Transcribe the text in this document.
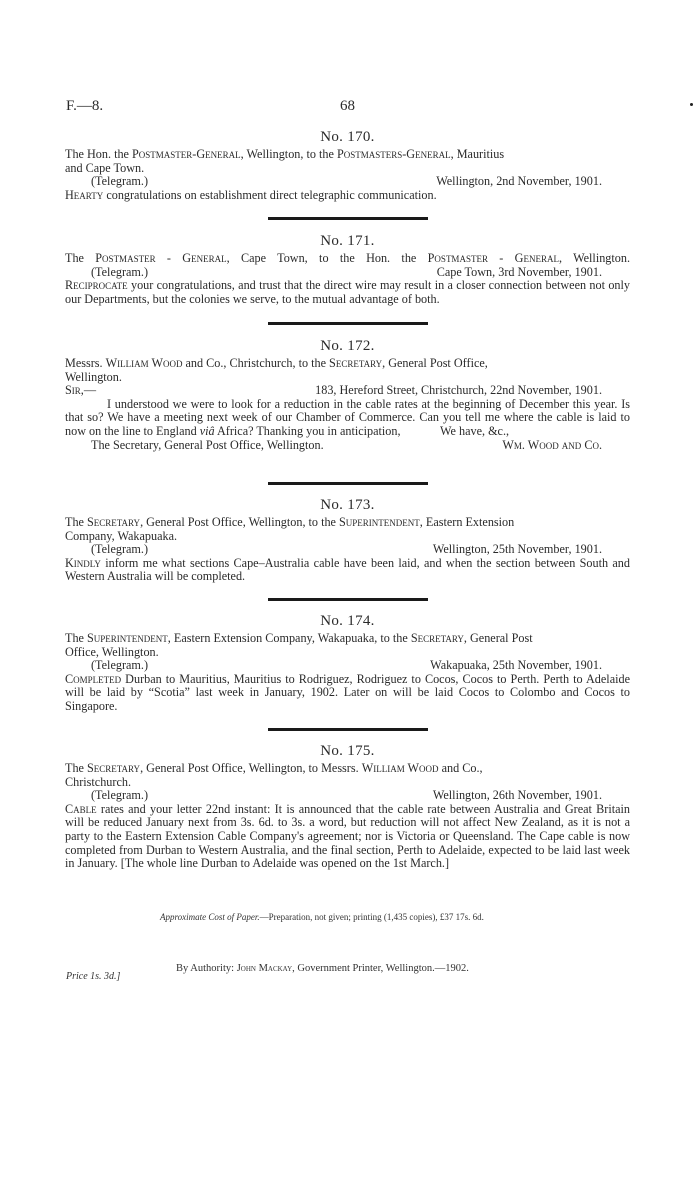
F.—8.	68
No. 170.
The Hon. the Postmaster-General, Wellington, to the Postmasters-General, Mauritius
and Cape Town.
(Telegram.)	Wellington, 2nd November, 1901.
Hearty congratulations on establishment direct telegraphic communication.
No. 171.
The Postmaster - General, Cape Town, to the Hon. the Postmaster - General, Wellington.
(Telegram.)	Cape Town, 3rd November, 1901.
Reciprocate your congratulations, and trust that the direct wire may result in a closer connection between not only our Departments, but the colonies we serve, to the mutual advantage of both.
No. 172.
Messrs. William Wood and Co., Christchurch, to the Secretary, General Post Office,
Wellington.
Sir,—	183, Hereford Street, Christchurch, 22nd November, 1901.
I understood we were to look for a reduction in the cable rates at the beginning of December this year. Is that so? We have a meeting next week of our Chamber of Commerce. Can you tell me where the cable is laid to now on the line to England viâ Africa? Thanking you in anticipation,	We have, &c.,
The Secretary, General Post Office, Wellington.	Wm. Wood and Co.
No. 173.
The Secretary, General Post Office, Wellington, to the Superintendent, Eastern Extension
Company, Wakapuaka.
(Telegram.)	Wellington, 25th November, 1901.
Kindly inform me what sections Cape–Australia cable have been laid, and when the section between South and Western Australia will be completed.
No. 174.
The Superintendent, Eastern Extension Company, Wakapuaka, to the Secretary, General Post
Office, Wellington.
(Telegram.)	Wakapuaka, 25th November, 1901.
Completed Durban to Mauritius, Mauritius to Rodriguez, Rodriguez to Cocos, Cocos to Perth. Perth to Adelaide will be laid by “Scotia” last week in January, 1902. Later on will be laid Cocos to Colombo and Cocos to Singapore.
No. 175.
The Secretary, General Post Office, Wellington, to Messrs. William Wood and Co.,
Christchurch.
(Telegram.)	Wellington, 26th November, 1901.
Cable rates and your letter 22nd instant: It is announced that the cable rate between Australia and Great Britain will be reduced January next from 3s. 6d. to 3s. a word, but reduction will not affect New Zealand, as it is not a party to the Eastern Extension Cable Company's agreement; nor is Victoria or Queensland. The Cape cable is now completed from Durban to Western Australia, and the final section, Perth to Adelaide, expected to be laid last week in January. [The whole line Durban to Adelaide was opened on the 1st March.]
Approximate Cost of Paper.—Preparation, not given; printing (1,435 copies), £37 17s. 6d.
By Authority: John Mackay, Government Printer, Wellington.—1902.
Price 1s. 3d.]
